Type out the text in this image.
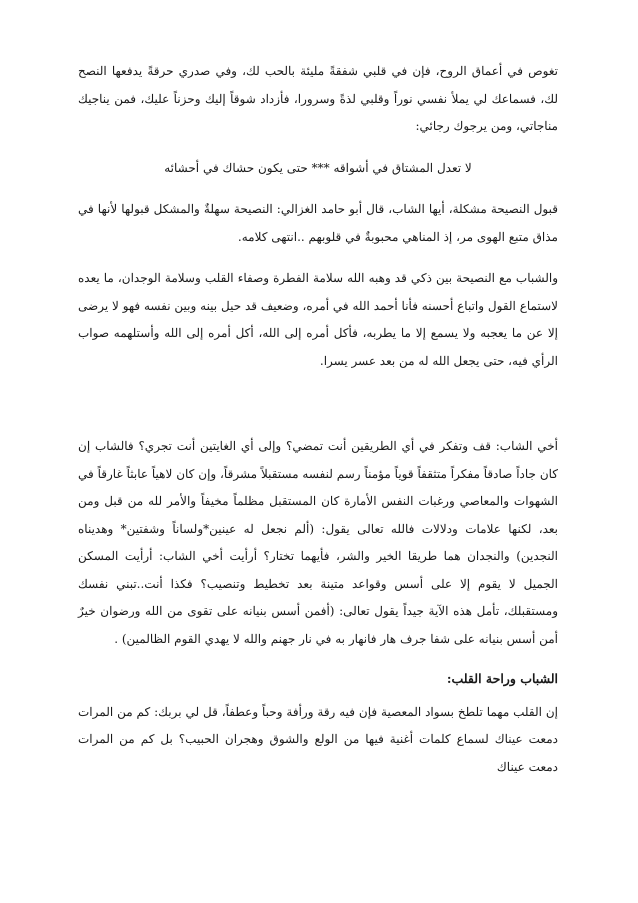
تغوص في أعماق الروح، فإن في قلبي شفقةً مليئة بالحب لك، وفي صدري حرقةً يدفعها النصح لك، فسماعك لي يملأ نفسي نوراً وقلبي لذةً وسرورا، فأزداد شوقاً إليك وحزناً عليك، فمن يناجيك مناجاتي، ومن يرجوك رجائي:

لا تعدل المشتاق في أشواقه *** حتى يكون حشاك في أحشائه

قبول النصيحة مشكلة، أيها الشاب، قال أبو حامد الغزالي: النصيحة سهلةٌ والمشكل قبولها لأنها في مذاق متبع الهوى مر، إذ المناهي محبوبةٌ في قلوبهم ..انتهى كلامه.

والشباب مع النصيحة بين ذكي قد وهبه الله سلامة الفطرة وصفاء القلب وسلامة الوجدان، ما يعده لاستماع القول واتباع أحسنه فأنا أحمد الله في أمره، وضعيف قد حيل بينه وبين نفسه فهو لا يرضى إلا عن ما يعجبه ولا يسمع إلا ما يطربه، فأكل أمره إلى الله، أكل أمره إلى الله وأستلهمه صواب الرأي فيه، حتى يجعل الله له من بعد عسر يسرا.

أخي الشاب: قف وتفكر في أي الطريقين أنت تمضي؟ وإلى أي الغايتين أنت تجري؟ فالشاب إن كان جاداً صادقاً مفكراً متثقفاً قوياً مؤمناً رسم لنفسه مستقبلاً مشرقاً، وإن كان لاهياً عابثاً غارقاً في الشهوات والمعاصي ورغبات النفس الأمارة كان المستقبل مظلماً مخيفاً والأمر لله من قبل ومن بعد، لكنها علامات ودلالات فالله تعالى يقول: (ألم نجعل له عينين*ولساناً وشفتين* وهديناه النجدين) والنجدان هما طريقا الخير والشر، فأيهما تختار؟ أرأيت أخي الشاب: أرأيت المسكن الجميل لا يقوم إلا على أسس وقواعد متينة بعد تخطيط وتنصيب؟ فكذا أنت..تبني نفسك ومستقبلك، تأمل هذه الآية جيداً يقول تعالى: (أفمن أسس بنيانه على تقوى من الله ورضوان خيرٌ أمن أسس بنيانه على شفا جرف هار فانهار به في نار جهنم والله لا يهدي القوم الظالمين) .

الشباب وراحة القلب:

إن القلب مهما تلطخ بسواد المعصية فإن فيه رقة ورأفة وحباً وعطفاً، قل لي بربك: كم من المرات دمعت عيناك لسماع كلمات أغنية فيها من الولع والشوق وهجران الحبيب؟ بل كم من المرات دمعت عيناك
